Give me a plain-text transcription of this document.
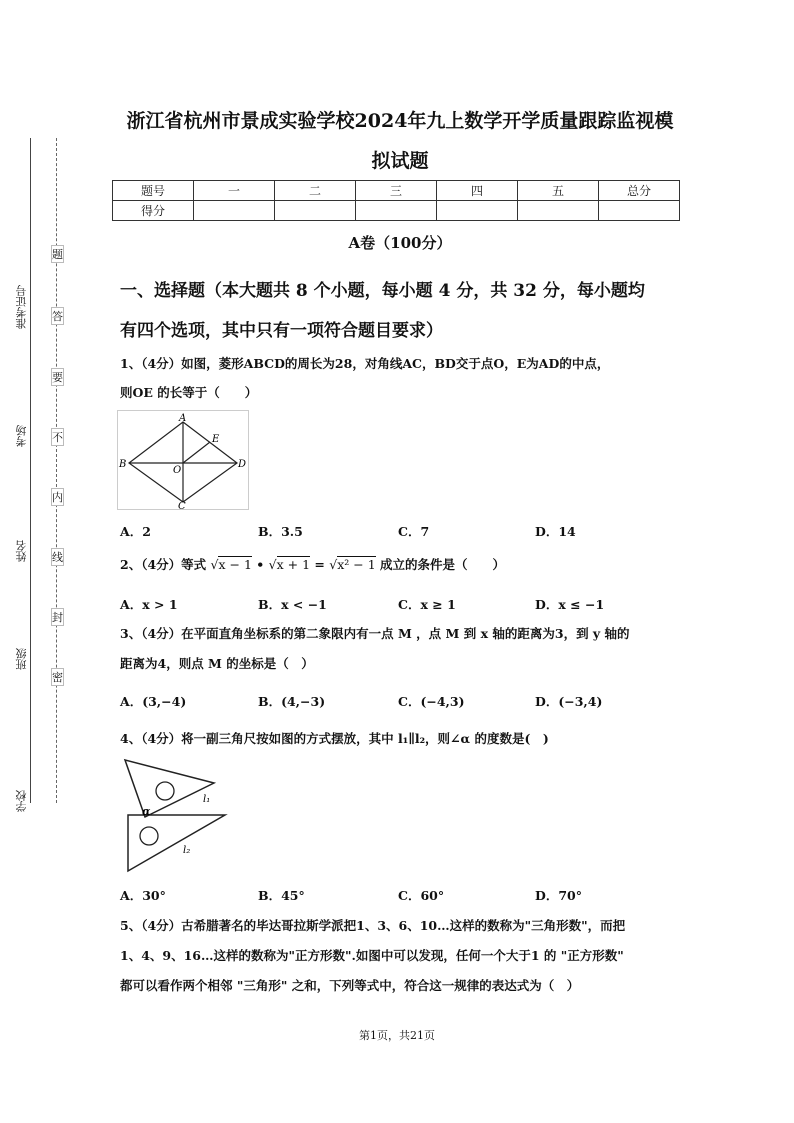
准考证号
考场
姓名
班级
学校
题
答
要
不
内
线
封
密
浙江省杭州市景成实验学校2024年九上数学开学质量跟踪监视模
拟试题
题号	一	二	三	四	五	总分
得分						
A卷（100分）
一、选择题（本大题共 8 个小题，每小题 4 分，共 32 分，每小题均
有四个选项，其中只有一项符合题目要求）
1、（4分）如图，菱形ABCD的周长为28，对角线AC，BD交于点O，E为AD的中点，
则OE 的长等于（　　）
A
B
C
D
E
O
A．2	B．3.5	C．7	D．14
2、（4分）等式 √x − 1 • √x + 1 = √x² − 1 成立的条件是（　　）
A．x > 1	B．x < −1	C．x ≥ 1	D．x ≤ −1
3、（4分）在平面直角坐标系的第二象限内有一点 M ，点 M 到 x 轴的距离为3，到 y 轴的
距离为4，则点 M 的坐标是（　）
A．(3,−4)	B．(4,−3)	C．(−4,3)	D．(−3,4)
4、（4分）将一副三角尺按如图的方式摆放，其中 l₁∥l₂，则∠α 的度数是(　)
α
l₁
l₂
A．30°	B．45°	C．60°	D．70°
5、（4分）古希腊著名的毕达哥拉斯学派把1、3、6、10…这样的数称为"三角形数"，而把
1、4、9、16…这样的数称为"正方形数".如图中可以发现，任何一个大于1 的 "正方形数"
都可以看作两个相邻 "三角形" 之和，下列等式中，符合这一规律的表达式为（　）
第1页，共21页
